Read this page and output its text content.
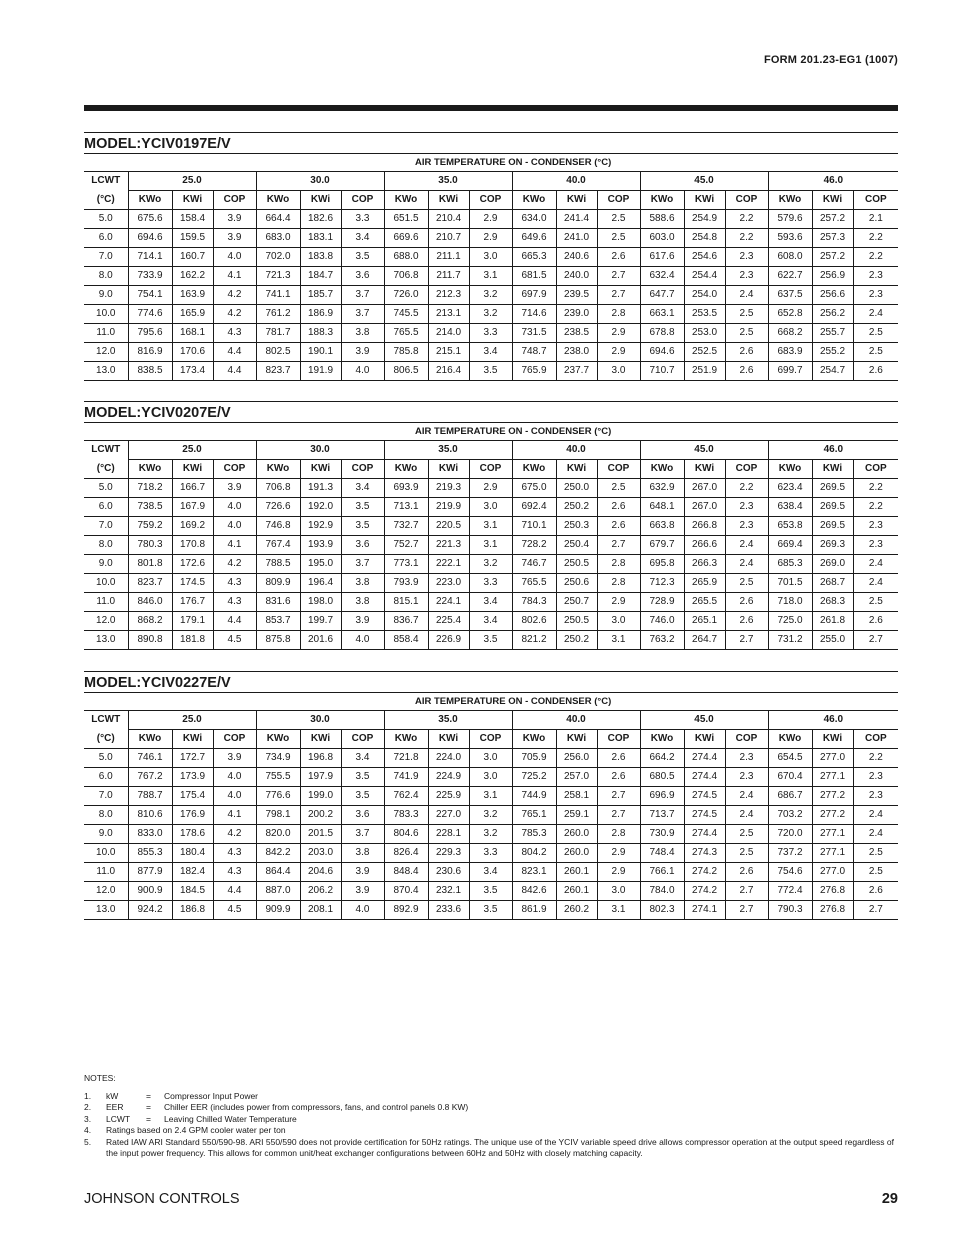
FORM 201.23-EG1 (1007)
MODEL:YCIV0197E/V
	AIR TEMPERATURE ON - CONDENSER (°C)																	
LCWT	25.0			30.0			35.0			40.0			45.0			46.0		
(°C)	KWo	KWi	COP	KWo	KWi	COP	KWo	KWi	COP	KWo	KWi	COP	KWo	KWi	COP	KWo	KWi	COP
5.0	675.6	158.4	3.9	664.4	182.6	3.3	651.5	210.4	2.9	634.0	241.4	2.5	588.6	254.9	2.2	579.6	257.2	2.1
6.0	694.6	159.5	3.9	683.0	183.1	3.4	669.6	210.7	2.9	649.6	241.0	2.5	603.0	254.8	2.2	593.6	257.3	2.2
7.0	714.1	160.7	4.0	702.0	183.8	3.5	688.0	211.1	3.0	665.3	240.6	2.6	617.6	254.6	2.3	608.0	257.2	2.2
8.0	733.9	162.2	4.1	721.3	184.7	3.6	706.8	211.7	3.1	681.5	240.0	2.7	632.4	254.4	2.3	622.7	256.9	2.3
9.0	754.1	163.9	4.2	741.1	185.7	3.7	726.0	212.3	3.2	697.9	239.5	2.7	647.7	254.0	2.4	637.5	256.6	2.3
10.0	774.6	165.9	4.2	761.2	186.9	3.7	745.5	213.1	3.2	714.6	239.0	2.8	663.1	253.5	2.5	652.8	256.2	2.4
11.0	795.6	168.1	4.3	781.7	188.3	3.8	765.5	214.0	3.3	731.5	238.5	2.9	678.8	253.0	2.5	668.2	255.7	2.5
12.0	816.9	170.6	4.4	802.5	190.1	3.9	785.8	215.1	3.4	748.7	238.0	2.9	694.6	252.5	2.6	683.9	255.2	2.5
13.0	838.5	173.4	4.4	823.7	191.9	4.0	806.5	216.4	3.5	765.9	237.7	3.0	710.7	251.9	2.6	699.7	254.7	2.6
MODEL:YCIV0207E/V
	AIR TEMPERATURE ON - CONDENSER (°C)																	
LCWT	25.0			30.0			35.0			40.0			45.0			46.0		
(°C)	KWo	KWi	COP	KWo	KWi	COP	KWo	KWi	COP	KWo	KWi	COP	KWo	KWi	COP	KWo	KWi	COP
5.0	718.2	166.7	3.9	706.8	191.3	3.4	693.9	219.3	2.9	675.0	250.0	2.5	632.9	267.0	2.2	623.4	269.5	2.2
6.0	738.5	167.9	4.0	726.6	192.0	3.5	713.1	219.9	3.0	692.4	250.2	2.6	648.1	267.0	2.3	638.4	269.5	2.2
7.0	759.2	169.2	4.0	746.8	192.9	3.5	732.7	220.5	3.1	710.1	250.3	2.6	663.8	266.8	2.3	653.8	269.5	2.3
8.0	780.3	170.8	4.1	767.4	193.9	3.6	752.7	221.3	3.1	728.2	250.4	2.7	679.7	266.6	2.4	669.4	269.3	2.3
9.0	801.8	172.6	4.2	788.5	195.0	3.7	773.1	222.1	3.2	746.7	250.5	2.8	695.8	266.3	2.4	685.3	269.0	2.4
10.0	823.7	174.5	4.3	809.9	196.4	3.8	793.9	223.0	3.3	765.5	250.6	2.8	712.3	265.9	2.5	701.5	268.7	2.4
11.0	846.0	176.7	4.3	831.6	198.0	3.8	815.1	224.1	3.4	784.3	250.7	2.9	728.9	265.5	2.6	718.0	268.3	2.5
12.0	868.2	179.1	4.4	853.7	199.7	3.9	836.7	225.4	3.4	802.6	250.5	3.0	746.0	265.1	2.6	725.0	261.8	2.6
13.0	890.8	181.8	4.5	875.8	201.6	4.0	858.4	226.9	3.5	821.2	250.2	3.1	763.2	264.7	2.7	731.2	255.0	2.7
MODEL:YCIV0227E/V
	AIR TEMPERATURE ON - CONDENSER (°C)																	
LCWT	25.0			30.0			35.0			40.0			45.0			46.0		
(°C)	KWo	KWi	COP	KWo	KWi	COP	KWo	KWi	COP	KWo	KWi	COP	KWo	KWi	COP	KWo	KWi	COP
5.0	746.1	172.7	3.9	734.9	196.8	3.4	721.8	224.0	3.0	705.9	256.0	2.6	664.2	274.4	2.3	654.5	277.0	2.2
6.0	767.2	173.9	4.0	755.5	197.9	3.5	741.9	224.9	3.0	725.2	257.0	2.6	680.5	274.4	2.3	670.4	277.1	2.3
7.0	788.7	175.4	4.0	776.6	199.0	3.5	762.4	225.9	3.1	744.9	258.1	2.7	696.9	274.5	2.4	686.7	277.2	2.3
8.0	810.6	176.9	4.1	798.1	200.2	3.6	783.3	227.0	3.2	765.1	259.1	2.7	713.7	274.5	2.4	703.2	277.2	2.4
9.0	833.0	178.6	4.2	820.0	201.5	3.7	804.6	228.1	3.2	785.3	260.0	2.8	730.9	274.4	2.5	720.0	277.1	2.4
10.0	855.3	180.4	4.3	842.2	203.0	3.8	826.4	229.3	3.3	804.2	260.0	2.9	748.4	274.3	2.5	737.2	277.1	2.5
11.0	877.9	182.4	4.3	864.4	204.6	3.9	848.4	230.6	3.4	823.1	260.1	2.9	766.1	274.2	2.6	754.6	277.0	2.5
12.0	900.9	184.5	4.4	887.0	206.2	3.9	870.4	232.1	3.5	842.6	260.1	3.0	784.0	274.2	2.7	772.4	276.8	2.6
13.0	924.2	186.8	4.5	909.9	208.1	4.0	892.9	233.6	3.5	861.9	260.2	3.1	802.3	274.1	2.7	790.3	276.8	2.7
NOTES:
1.	kW	=	Compressor Input Power
2.	EER	=	Chiller EER (includes power from compressors, fans, and control panels 0.8 KW)
3.	LCWT	=	Leaving Chilled Water Temperature
4.	Ratings based on 2.4 GPM cooler water per ton
5.	Rated IAW ARI Standard 550/590-98. ARI 550/590 does not provide certification for 50Hz ratings. The unique use of the YCIV variable speed drive allows compressor operation at the output speed regardless of the input power frequency. This allows for common unit/heat exchanger configurations between 60Hz and 50Hz with closely matching capacity.
JOHNSON CONTROLS	29
